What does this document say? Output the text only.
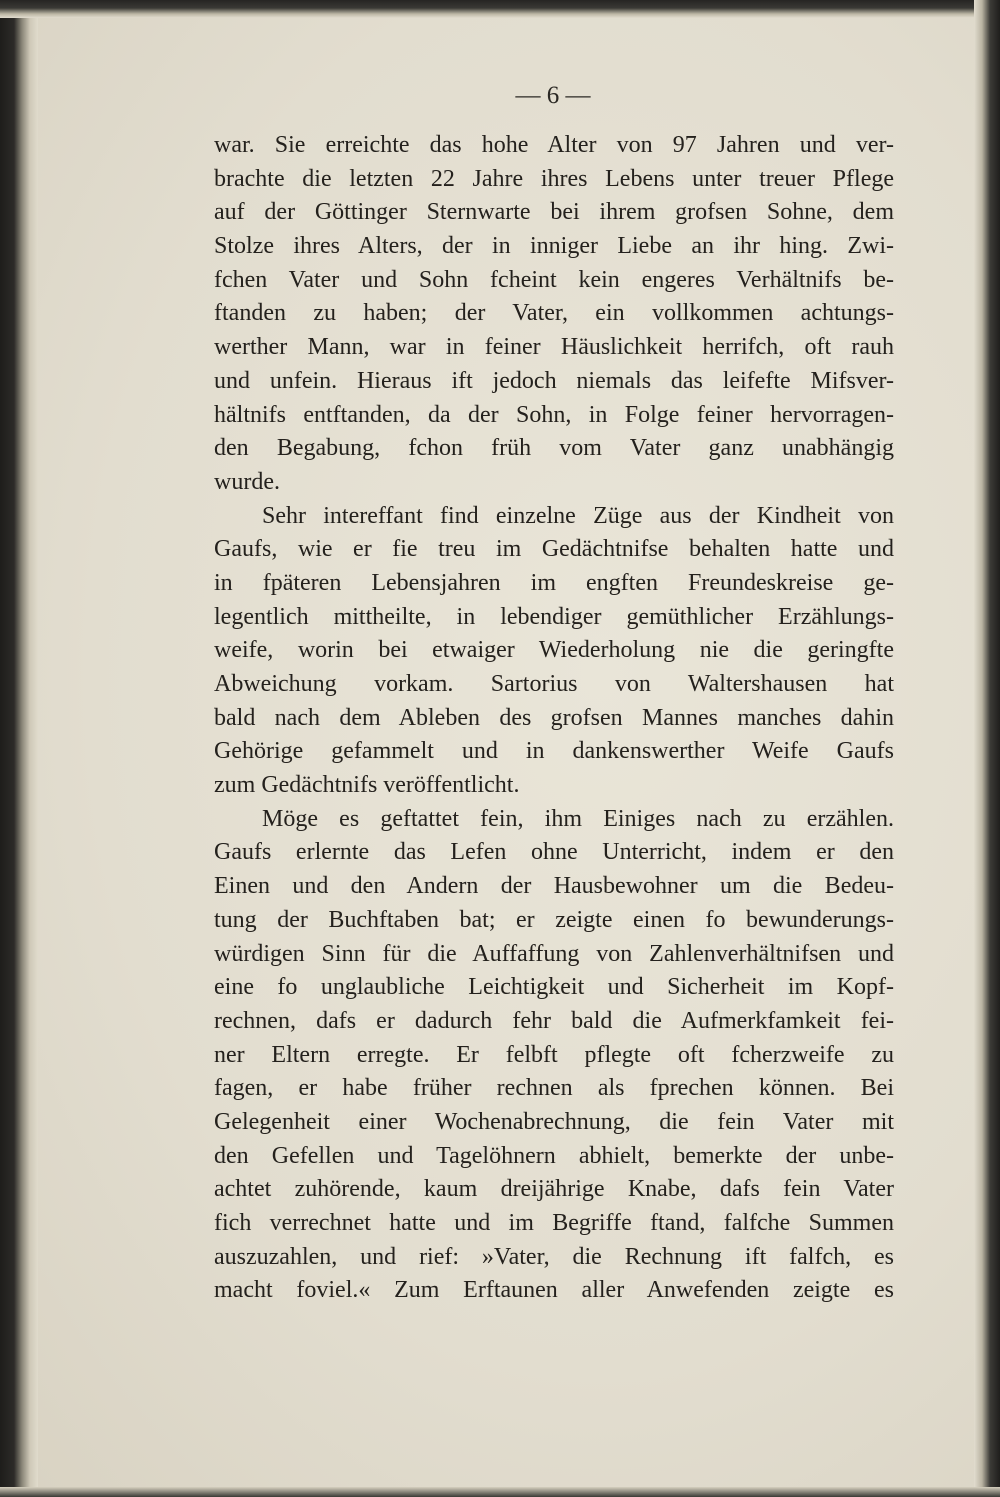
— 6 —
war. Sie erreichte das hohe Alter von 97 Jahren und ver-
brachte die letzten 22 Jahre ihres Lebens unter treuer Pflege
auf der Göttinger Sternwarte bei ihrem grofsen Sohne, dem
Stolze ihres Alters, der in inniger Liebe an ihr hing. Zwi-
fchen Vater und Sohn fcheint kein engeres Verhältnifs be-
ftanden zu haben; der Vater, ein vollkommen achtungs-
werther Mann, war in feiner Häuslichkeit herrifch, oft rauh
und unfein. Hieraus ift jedoch niemals das leifefte Mifsver-
hältnifs entftanden, da der Sohn, in Folge feiner hervorragen-
den Begabung, fchon früh vom Vater ganz unabhängig
wurde.
Sehr intereffant find einzelne Züge aus der Kindheit von
Gaufs, wie er fie treu im Gedächtnifse behalten hatte und
in fpäteren Lebensjahren im engften Freundeskreise ge-
legentlich mittheilte, in lebendiger gemüthlicher Erzählungs-
weife, worin bei etwaiger Wiederholung nie die geringfte
Abweichung vorkam. Sartorius von Waltershausen hat
bald nach dem Ableben des grofsen Mannes manches dahin
Gehörige gefammelt und in dankenswerther Weife Gaufs
zum Gedächtnifs veröffentlicht.
Möge es geftattet fein, ihm Einiges nach zu erzählen.
Gaufs erlernte das Lefen ohne Unterricht, indem er den
Einen und den Andern der Hausbewohner um die Bedeu-
tung der Buchftaben bat; er zeigte einen fo bewunderungs-
würdigen Sinn für die Auffaffung von Zahlenverhältnifsen und
eine fo unglaubliche Leichtigkeit und Sicherheit im Kopf-
rechnen, dafs er dadurch fehr bald die Aufmerkfamkeit fei-
ner Eltern erregte. Er felbft pflegte oft fcherzweife zu
fagen, er habe früher rechnen als fprechen können. Bei
Gelegenheit einer Wochenabrechnung, die fein Vater mit
den Gefellen und Tagelöhnern abhielt, bemerkte der unbe-
achtet zuhörende, kaum dreijährige Knabe, dafs fein Vater
fich verrechnet hatte und im Begriffe ftand, falfche Summen
auszuzahlen, und rief: »Vater, die Rechnung ift falfch, es
macht foviel.« Zum Erftaunen aller Anwefenden zeigte es
